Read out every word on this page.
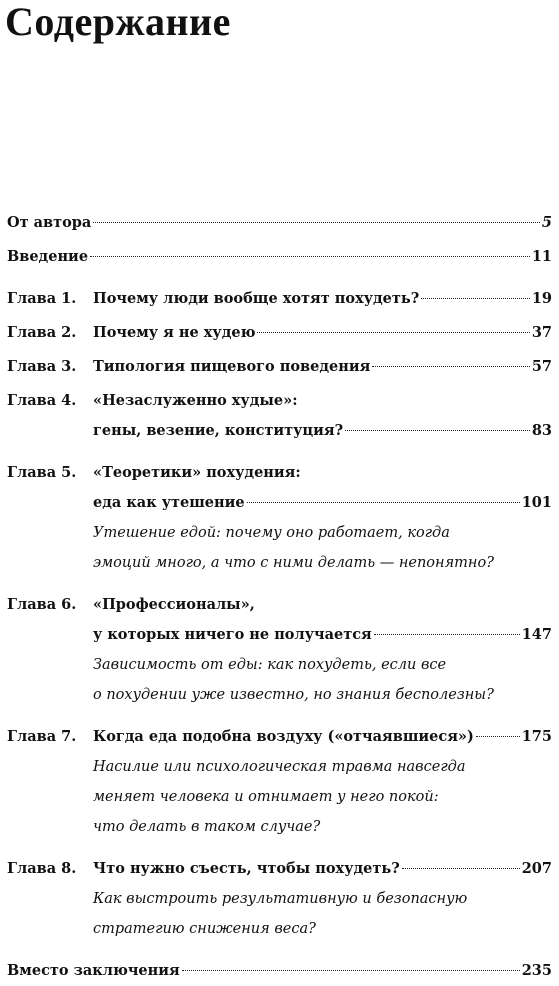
Содержание
От автора	5
Введение	11
Глава 1. Почему люди вообще хотят похудеть?	19
Глава 2. Почему я не худею	37
Глава 3. Типология пищевого поведения	57
Глава 4. «Незаслуженно худые»:
гены, везение, конституция?	83
Глава 5. «Теоретики» похудения:
еда как утешение	101
Утешение едой: почему оно работает, когда
эмоций много, а что с ними делать — непонятно?
Глава 6. «Профессионалы»,
у которых ничего не получается	147
Зависимость от еды: как похудеть, если все
о похудении уже известно, но знания бесполезны?
Глава 7. Когда еда подобна воздуху («отчаявшиеся»)	175
Насилие или психологическая травма навсегда
меняет человека и отнимает у него покой:
что делать в таком случае?
Глава 8. Что нужно съесть, чтобы похудеть?	207
Как выстроить результативную и безопасную
стратегию снижения веса?
Вместо заключения	235
